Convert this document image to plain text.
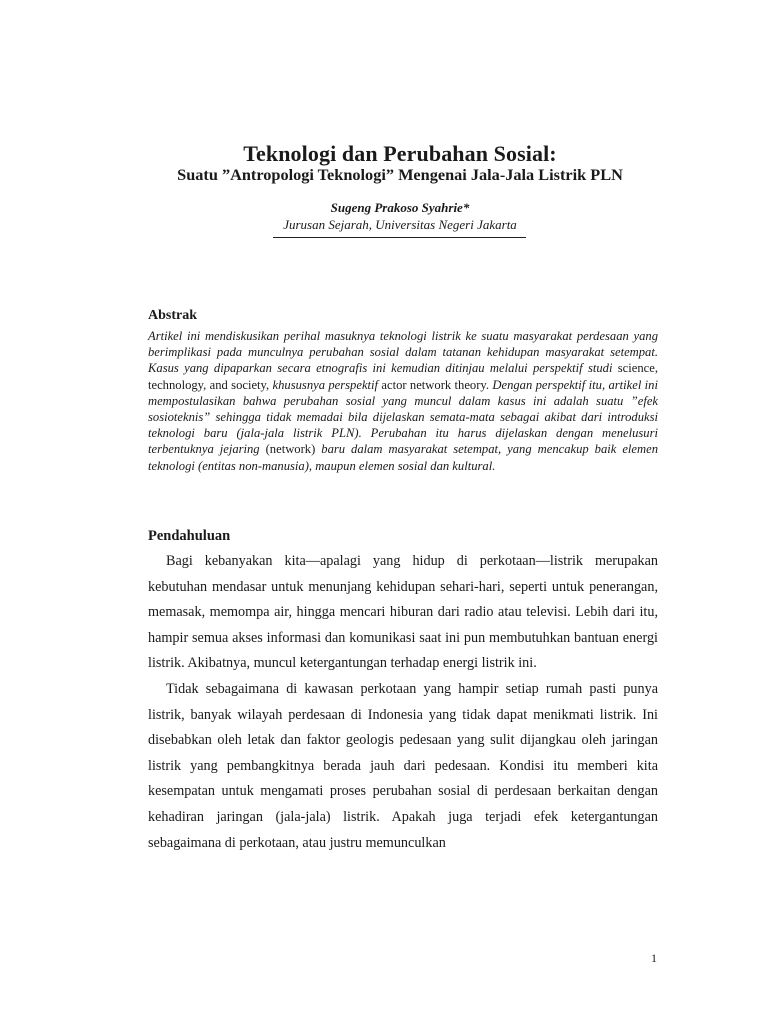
Teknologi dan Perubahan Sosial:
Suatu ”Antropologi Teknologi” Mengenai Jala-Jala Listrik PLN
Sugeng Prakoso Syahrie*
Jurusan Sejarah, Universitas Negeri Jakarta
Abstrak

Artikel ini mendiskusikan perihal masuknya teknologi listrik ke suatu masyarakat perdesaan yang berimplikasi pada munculnya perubahan sosial dalam tatanan kehidupan masyarakat setempat. Kasus yang dipaparkan secara etnografis ini kemudian ditinjau melalui perspektif studi science, technology, and society, khususnya perspektif actor network theory. Dengan perspektif itu, artikel ini mempostulasikan bahwa perubahan sosial yang muncul dalam kasus ini adalah suatu ”efek sosioteknis” sehingga tidak memadai bila dijelaskan semata-mata sebagai akibat dari introduksi teknologi baru (jala-jala listrik PLN). Perubahan itu harus dijelaskan dengan menelusuri terbentuknya jejaring (network) baru dalam masyarakat setempat, yang mencakup baik elemen teknologi (entitas non-manusia), maupun elemen sosial dan kultural.

Pendahuluan

Bagi kebanyakan kita—apalagi yang hidup di perkotaan—listrik merupakan kebutuhan mendasar untuk menunjang kehidupan sehari-hari, seperti untuk penerangan, memasak, memompa air, hingga mencari hiburan dari radio atau televisi. Lebih dari itu, hampir semua akses informasi dan komunikasi saat ini pun membutuhkan bantuan energi listrik. Akibatnya, muncul ketergantungan terhadap energi listrik ini.

Tidak sebagaimana di kawasan perkotaan yang hampir setiap rumah pasti punya listrik, banyak wilayah perdesaan di Indonesia yang tidak dapat menikmati listrik. Ini disebabkan oleh letak dan faktor geologis pedesaan yang sulit dijangkau oleh jaringan listrik yang pembangkitnya berada jauh dari pedesaan. Kondisi itu memberi kita kesempatan untuk mengamati proses perubahan sosial di perdesaan berkaitan dengan kehadiran jaringan (jala-jala) listrik. Apakah juga terjadi efek ketergantungan sebagaimana di perkotaan, atau justru memunculkan

1
